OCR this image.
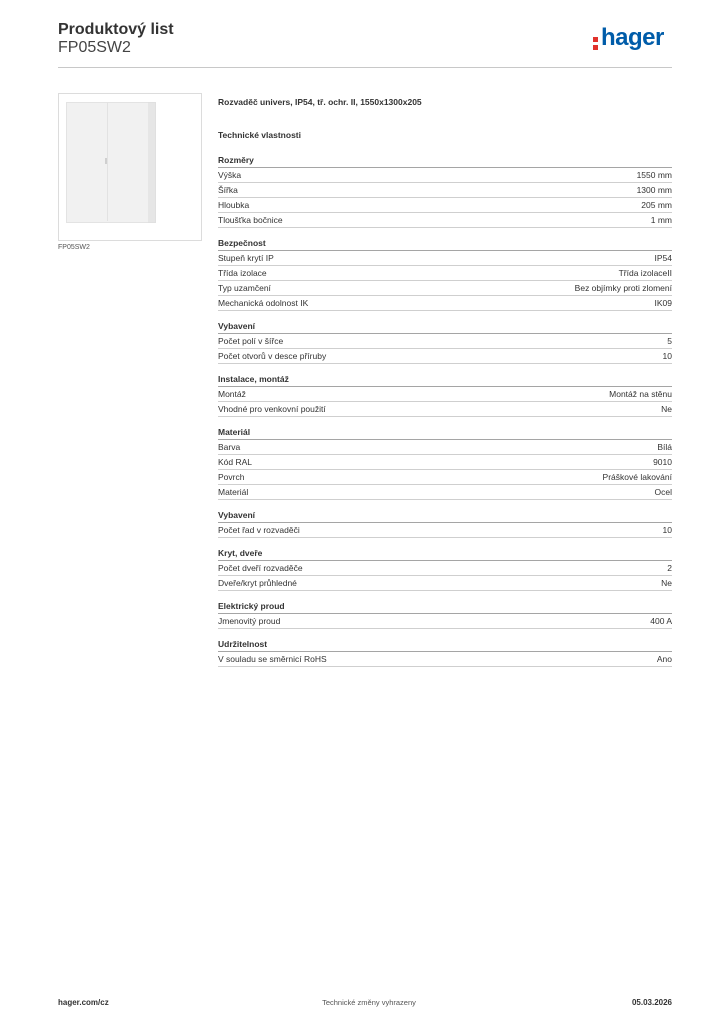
Produktový list
FP05SW2	hager
FP05SW2
Rozvaděč univers, IP54, tř. ochr. II, 1550x1300x205
Technické vlastnosti
Rozměry
Výška	1550 mm
Šířka	1300 mm
Hloubka	205 mm
Tloušťka bočnice	1 mm
Bezpečnost
Stupeň krytí IP	IP54
Třída izolace	Třída izolaceII
Typ uzamčení	Bez objímky proti zlomení
Mechanická odolnost IK	IK09
Vybavení
Počet polí v šířce	5
Počet otvorů v desce příruby	10
Instalace, montáž
Montáž	Montáž na stěnu
Vhodné pro venkovní použití	Ne
Materiál
Barva	Bílá
Kód RAL	9010
Povrch	Práškové lakování
Materiál	Ocel
Vybavení
Počet řad v rozvaděči	10
Kryt, dveře
Počet dveří rozvaděče	2
Dveře/kryt průhledné	Ne
Elektrický proud
Jmenovitý proud	400 A
Udržitelnost
V souladu se směrnicí RoHS	Ano
hager.com/cz	Technické změny vyhrazeny	05.03.2026
